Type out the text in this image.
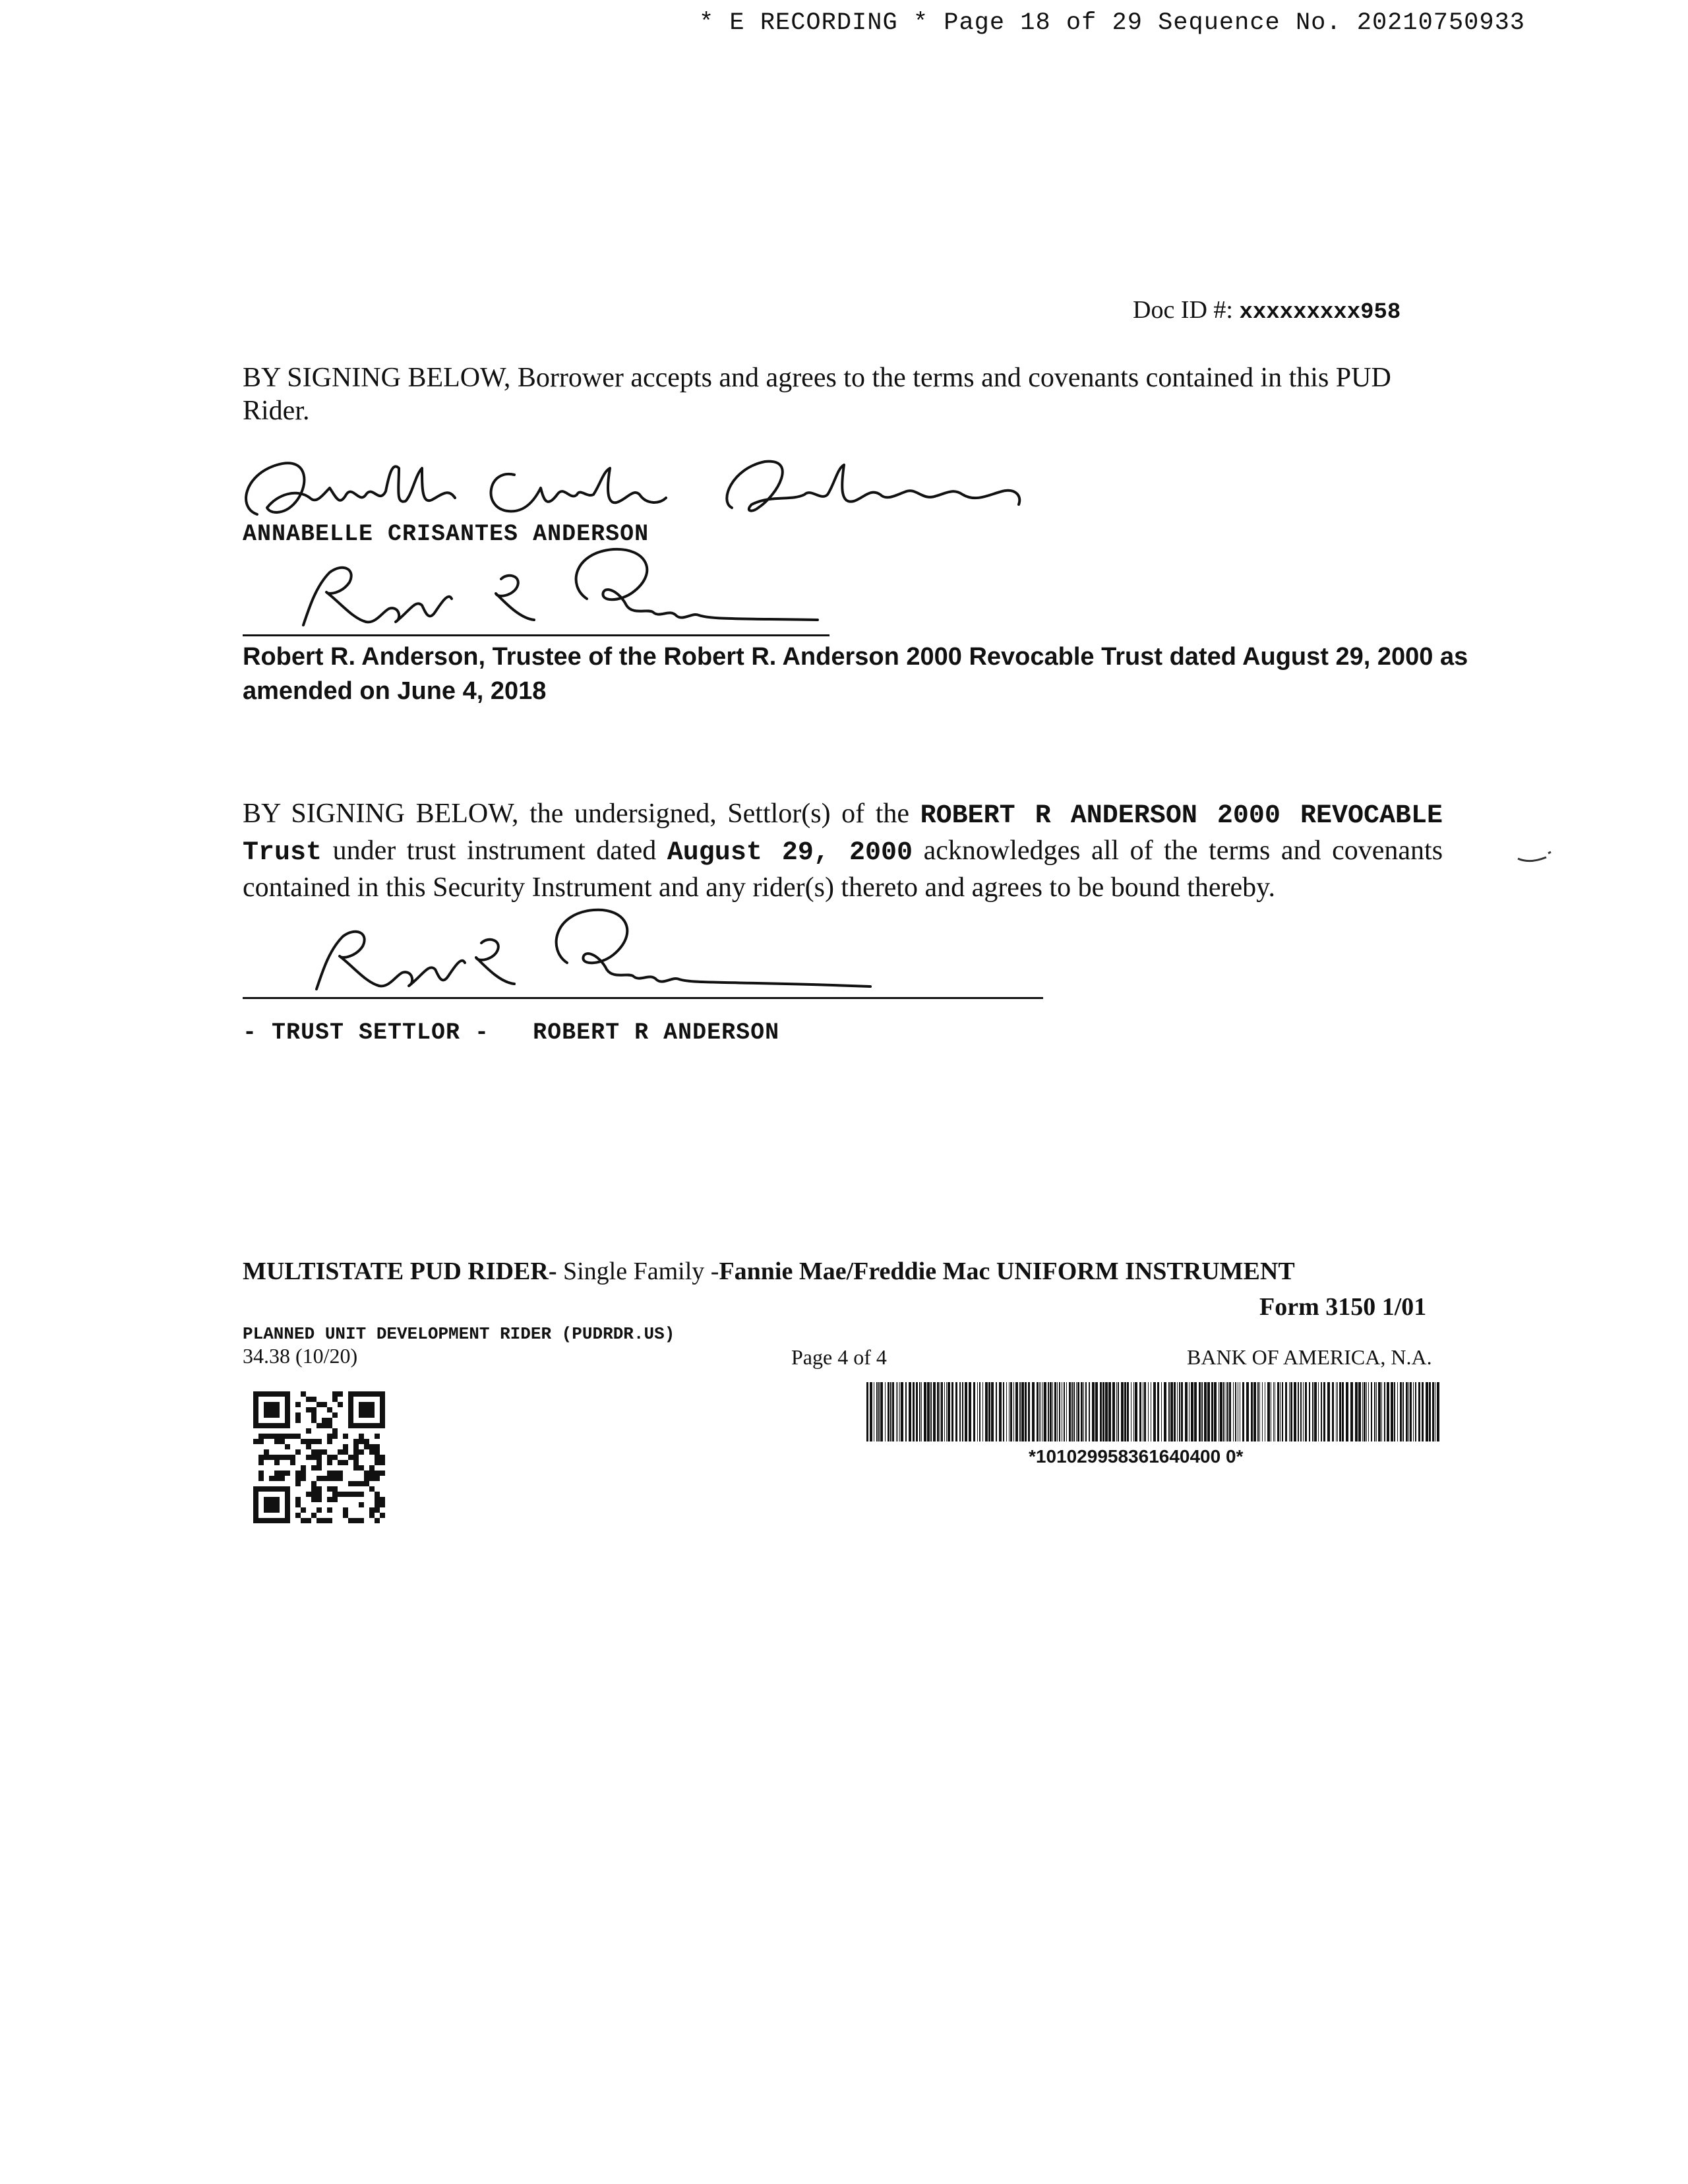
* E RECORDING * Page 18 of 29 Sequence No. 20210750933
Doc ID #: xxxxxxxxx958
BY SIGNING BELOW, Borrower accepts and agrees to the terms and covenants contained in this PUD Rider.
ANNABELLE CRISANTES ANDERSON
Robert R. Anderson, Trustee of the Robert R. Anderson 2000 Revocable Trust dated August 29, 2000 as amended on June 4, 2018
BY SIGNING BELOW, the undersigned, Settlor(s) of the ROBERT R ANDERSON 2000 REVOCABLE Trust under trust instrument dated August 29, 2000 acknowledges all of the terms and covenants contained in this Security Instrument and any rider(s) thereto and agrees to be bound thereby.
- TRUST SETTLOR -   ROBERT R ANDERSON
MULTISTATE PUD RIDER- Single Family -Fannie Mae/Freddie Mac UNIFORM INSTRUMENT
Form 3150 1/01
PLANNED UNIT DEVELOPMENT RIDER (PUDRDR.US)
34.38 (10/20)	Page 4 of 4	BANK OF AMERICA, N.A.
*101029958361640400 0*
